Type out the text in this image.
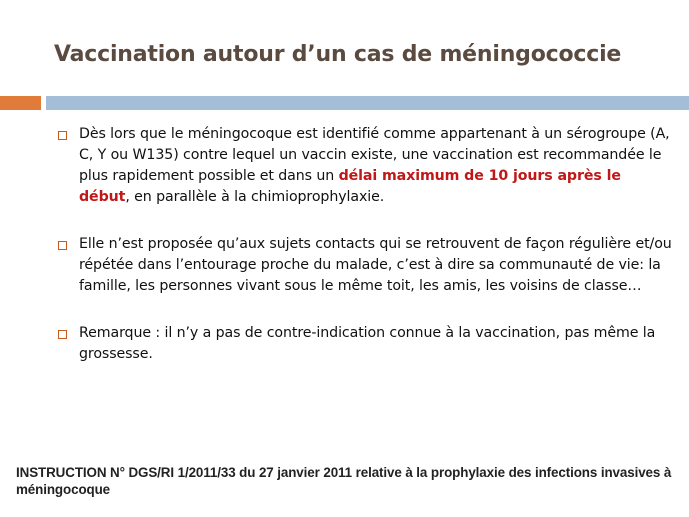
Vaccination autour d’un cas de méningococcie
Dès lors que le méningocoque est identifié comme appartenant à un sérogroupe (A, C, Y ou W135) contre lequel un vaccin existe, une vaccination est recommandée le plus rapidement possible et dans un délai maximum de 10 jours après le début, en parallèle à la chimioprophylaxie.
Elle n’est proposée qu’aux sujets contacts qui se retrouvent de façon régulière et/ou répétée dans l’entourage proche du malade, c’est à dire sa communauté de vie: la famille, les personnes vivant sous le même toit, les amis, les voisins de classe…
Remarque : il n’y a pas de contre-indication connue à la vaccination, pas même la grossesse.
INSTRUCTION N° DGS/RI 1/2011/33 du 27 janvier 2011 relative à la prophylaxie des infections invasives à méningocoque
